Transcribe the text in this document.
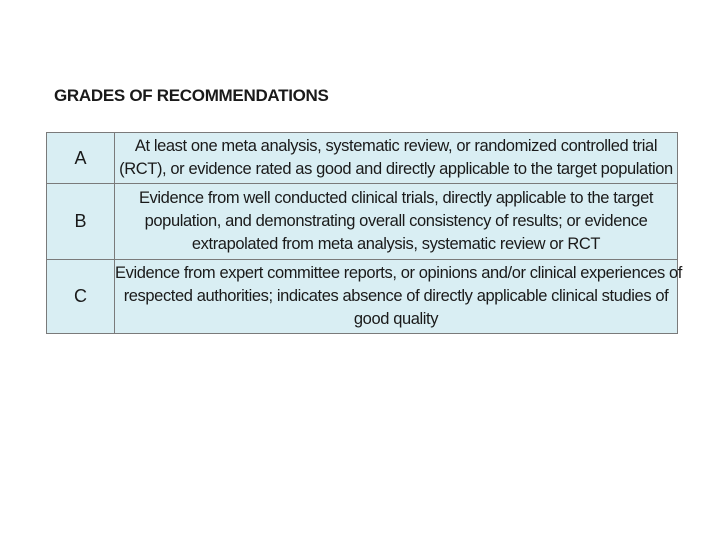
GRADES OF RECOMMENDATIONS
A	At least one meta analysis, systematic review, or randomized controlled trial
(RCT), or evidence rated as good and directly applicable to the target population

B	Evidence from well conducted clinical trials, directly applicable to the target
population, and demonstrating overall consistency of results; or evidence
extrapolated from meta analysis, systematic review or RCT

C	Evidence from expert committee reports, or opinions and/or clinical experiences of
respected authorities; indicates absence of directly applicable clinical studies of
good quality
